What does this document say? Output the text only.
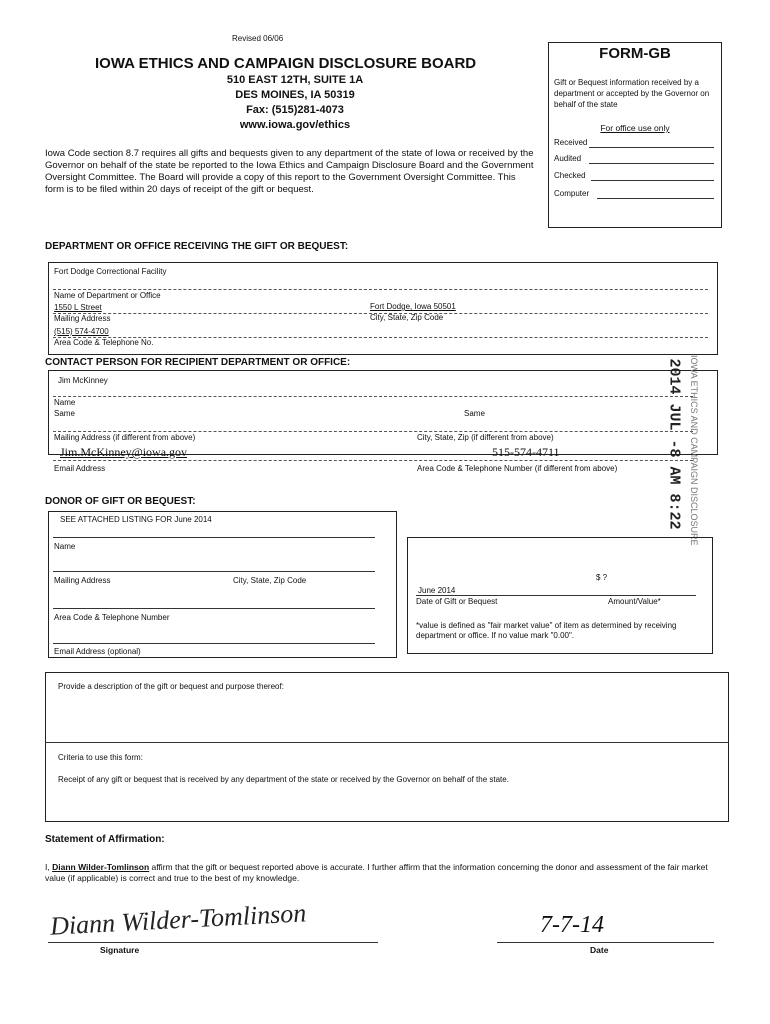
Revised 06/06
IOWA ETHICS AND CAMPAIGN DISCLOSURE BOARD
510 EAST 12TH, SUITE 1A
DES MOINES, IA 50319
Fax: (515)281-4073
www.iowa.gov/ethics
Iowa Code section 8.7 requires all gifts and bequests given to any department of the state of Iowa or received by the Governor on behalf of the state be reported to the Iowa Ethics and Campaign Disclosure Board and the Government Oversight Committee. The Board will provide a copy of this report to the Government Oversight Committee. This form is to be filed within 20 days of receipt of the gift or bequest.
FORM-GB
Gift or Bequest information received by a department or accepted by the Governor on behalf of the state
For office use only
Received
Audited
Checked
Computer
DEPARTMENT OR OFFICE RECEIVING THE GIFT OR BEQUEST:
Fort Dodge Correctional Facility
Name of Department or Office
1550 L Street	Fort Dodge, Iowa 50501
Mailing Address	City, State, Zip Code
(515) 574-4700
Area Code & Telephone No.
CONTACT PERSON FOR RECIPIENT DEPARTMENT OR OFFICE:
Jim McKinney
Name
Same	Same
Mailing Address (if different from above)	City, State, Zip (if different from above)
Jim.McKinney@iowa.gov	515-574-4711
Email Address	Area Code & Telephone Number (if different from above)	2014 JUL -8 AM 8:22 IOWA ETHICS AND CAMPAIGN DISCLOSURE
DONOR OF GIFT OR BEQUEST:
SEE ATTACHED LISTING FOR June 2014
Name
Mailing Address	City, State, Zip Code
Area Code & Telephone Number
Email Address (optional)
$ ?
June 2014
Date of Gift or Bequest	Amount/Value*
*value is defined as "fair market value" of item as determined by receiving department or office. If no value mark "0.00".
Provide a description of the gift or bequest and purpose thereof:
Criteria to use this form:
Receipt of any gift or bequest that is received by any department of the state or received by the Governor on behalf of the state.
Statement of Affirmation:
I, Diann Wilder-Tomlinson affirm that the gift or bequest reported above is accurate. I further affirm that the information concerning the donor and assessment of the fair market value (if applicable) is correct and true to the best of my knowledge.
Diann Wilder-Tomlinson
Signature
7-7-14
Date
